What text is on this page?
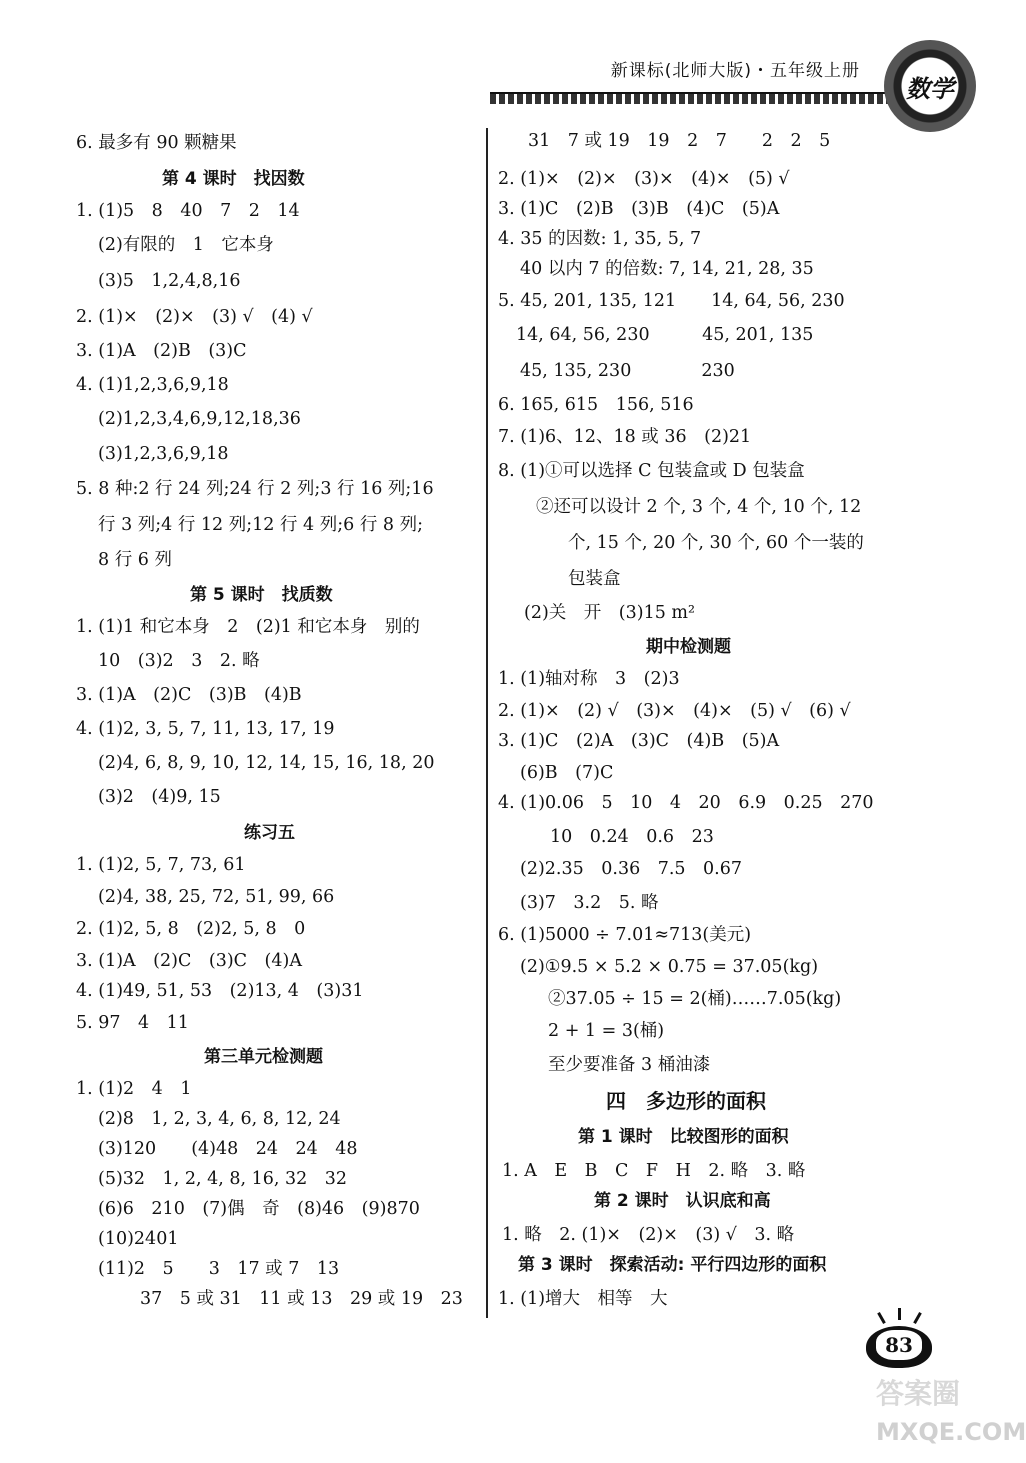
新课标(北师大版)・五年级上册
数学
6. 最多有 90 颗糖果
第 4 课时　找因数
1. (1)5　8　40　7　2　14
(2)有限的　1　它本身
(3)5　1,2,4,8,16
2. (1)×　(2)×　(3) √　(4) √
3. (1)A　(2)B　(3)C
4. (1)1,2,3,6,9,18
(2)1,2,3,4,6,9,12,18,36
(3)1,2,3,6,9,18
5. 8 种:2 行 24 列;24 行 2 列;3 行 16 列;16
行 3 列;4 行 12 列;12 行 4 列;6 行 8 列;
8 行 6 列
第 5 课时　找质数
1. (1)1 和它本身　2　(2)1 和它本身　别的
10　(3)2　3　2. 略
3. (1)A　(2)C　(3)B　(4)B
4. (1)2, 3, 5, 7, 11, 13, 17, 19
(2)4, 6, 8, 9, 10, 12, 14, 15, 16, 18, 20
(3)2　(4)9, 15
练习五
1. (1)2, 5, 7, 73, 61
(2)4, 38, 25, 72, 51, 99, 66
2. (1)2, 5, 8　(2)2, 5, 8　0
3. (1)A　(2)C　(3)C　(4)A
4. (1)49, 51, 53　(2)13, 4　(3)31
5. 97　4　11
第三单元检测题
1. (1)2　4　1
(2)8　1, 2, 3, 4, 6, 8, 12, 24
(3)120　　(4)48　24　24　48
(5)32　1, 2, 4, 8, 16, 32　32
(6)6　210　(7)偶　奇　(8)46　(9)870
(10)2401
(11)2　5　　3　17 或 7　13
37　5 或 31　11 或 13　29 或 19　23
31　7 或 19　19　2　7　　2　2　5
2. (1)×　(2)×　(3)×　(4)×　(5) √
3. (1)C　(2)B　(3)B　(4)C　(5)A
4. 35 的因数: 1, 35, 5, 7
40 以内 7 的倍数: 7, 14, 21, 28, 35
5. 45, 201, 135, 121　　14, 64, 56, 230
14, 64, 56, 230　　　45, 201, 135
45, 135, 230　　　　230
6. 165, 615　156, 516
7. (1)6、12、18 或 36　(2)21
8. (1)①可以选择 C 包装盒或 D 包装盒
②还可以设计 2 个, 3 个, 4 个, 10 个, 12
个, 15 个, 20 个, 30 个, 60 个一装的
包装盒
(2)关　开　(3)15 m²
期中检测题
1. (1)轴对称　3　(2)3
2. (1)×　(2) √　(3)×　(4)×　(5) √　(6) √
3. (1)C　(2)A　(3)C　(4)B　(5)A
(6)B　(7)C
4. (1)0.06　5　10　4　20　6.9　0.25　270
10　0.24　0.6　23
(2)2.35　0.36　7.5　0.67
(3)7　3.2　5. 略
6. (1)5000 ÷ 7.01≈713(美元)
(2)①9.5 × 5.2 × 0.75 = 37.05(kg)
②37.05 ÷ 15 = 2(桶)……7.05(kg)
2 + 1 = 3(桶)
至少要准备 3 桶油漆
四　多边形的面积
第 1 课时　比较图形的面积
1. A　E　B　C　F　H　2. 略　3. 略
第 2 课时　认识底和高
1. 略　2. (1)×　(2)×　(3) √　3. 略
第 3 课时　探索活动: 平行四边形的面积
1. (1)增大　相等　大
83
答案圈
MXQE.COM
